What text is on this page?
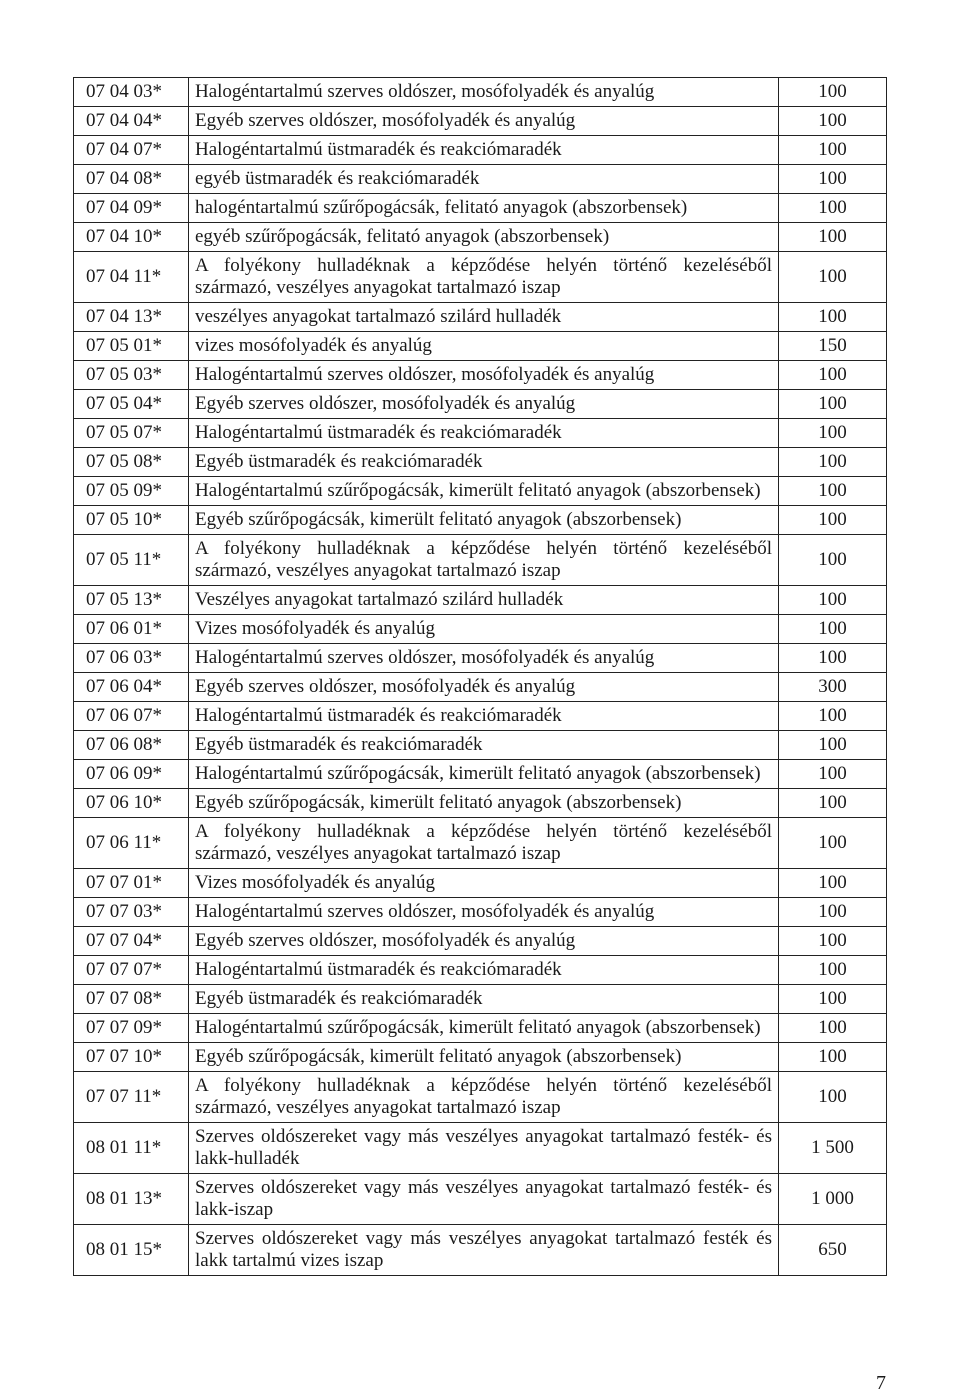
07 04 03*	Halogéntartalmú szerves oldószer, mosófolyadék és anyalúg	100
07 04 04*	Egyéb szerves oldószer, mosófolyadék és anyalúg	100
07 04 07*	Halogéntartalmú üstmaradék és reakciómaradék	100
07 04 08*	egyéb üstmaradék és reakciómaradék	100
07 04 09*	halogéntartalmú szűrőpogácsák, felitató anyagok (abszorbensek)	100
07 04 10*	egyéb szűrőpogácsák, felitató anyagok (abszorbensek)	100
07 04 11*	A folyékony hulladéknak a képződése helyén történő kezeléséből származó, veszélyes anyagokat tartalmazó iszap	100
07 04 13*	veszélyes anyagokat tartalmazó szilárd hulladék	100
07 05 01*	vizes mosófolyadék és anyalúg	150
07 05 03*	Halogéntartalmú szerves oldószer, mosófolyadék és anyalúg	100
07 05 04*	Egyéb szerves oldószer, mosófolyadék és anyalúg	100
07 05 07*	Halogéntartalmú üstmaradék és reakciómaradék	100
07 05 08*	Egyéb üstmaradék és reakciómaradék	100
07 05 09*	Halogéntartalmú szűrőpogácsák, kimerült felitató anyagok (abszorbensek)	100
07 05 10*	Egyéb szűrőpogácsák, kimerült felitató anyagok (abszorbensek)	100
07 05 11*	A folyékony hulladéknak a képződése helyén történő kezeléséből származó, veszélyes anyagokat tartalmazó iszap	100
07 05 13*	Veszélyes anyagokat tartalmazó szilárd hulladék	100
07 06 01*	Vizes mosófolyadék és anyalúg	100
07 06 03*	Halogéntartalmú szerves oldószer, mosófolyadék és anyalúg	100
07 06 04*	Egyéb szerves oldószer, mosófolyadék és anyalúg	300
07 06 07*	Halogéntartalmú üstmaradék és reakciómaradék	100
07 06 08*	Egyéb üstmaradék és reakciómaradék	100
07 06 09*	Halogéntartalmú szűrőpogácsák, kimerült felitató anyagok (abszorbensek)	100
07 06 10*	Egyéb szűrőpogácsák, kimerült felitató anyagok (abszorbensek)	100
07 06 11*	A folyékony hulladéknak a képződése helyén történő kezeléséből származó, veszélyes anyagokat tartalmazó iszap	100
07 07 01*	Vizes mosófolyadék és anyalúg	100
07 07 03*	Halogéntartalmú szerves oldószer, mosófolyadék és anyalúg	100
07 07 04*	Egyéb szerves oldószer, mosófolyadék és anyalúg	100
07 07 07*	Halogéntartalmú üstmaradék és reakciómaradék	100
07 07 08*	Egyéb üstmaradék és reakciómaradék	100
07 07 09*	Halogéntartalmú szűrőpogácsák, kimerült felitató anyagok (abszorbensek)	100
07 07 10*	Egyéb szűrőpogácsák, kimerült felitató anyagok (abszorbensek)	100
07 07 11*	A folyékony hulladéknak a képződése helyén történő kezeléséből származó, veszélyes anyagokat tartalmazó iszap	100
08 01 11*	Szerves oldószereket vagy más veszélyes anyagokat tartalmazó festék- és lakk-hulladék	1 500
08 01 13*	Szerves oldószereket vagy más veszélyes anyagokat tartalmazó festék- és lakk-iszap	1 000
08 01 15*	Szerves oldószereket vagy más veszélyes anyagokat tartalmazó festék és lakk tartalmú vizes iszap	650
7
